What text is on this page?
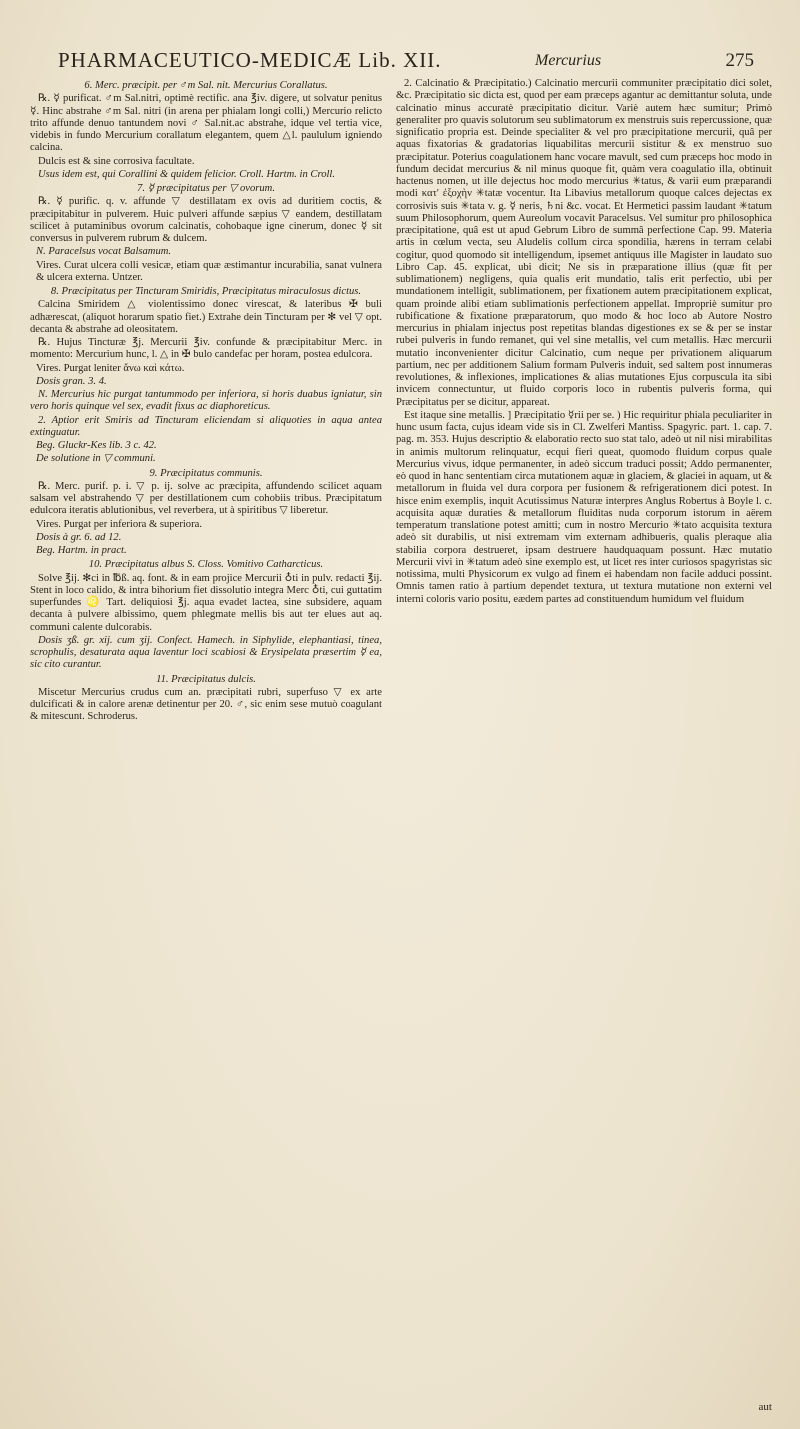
PHARMACEUTICO-MEDICÆ Lib. XII.	Mercurius	275

6. Merc. præcipit. per ♂m Sal. nit. Mercurius Corallatus.

℞. ☿ purificat. ♂m Sal.nitri, optimè rectific. ana ℥iv. digere, ut solvatur penitus ☿. Hinc abstrahe ♂m Sal. nitri (in arena per phialam longi colli,) Mercurio relicto trito affunde denuo tantundem novi ♂ Sal.nit.ac abstrahe, idque vel tertia vice, videbis in fundo Mercurium corallatum elegantem, quem △l. paululum igniendo calcina.

Dulcis est & sine corrosiva facultate.

Usus idem est, qui Corallini & quidem felicior. Croll. Hartm. in Croll.

7. ☿ præcipitatus per ▽ ovorum.

℞. ☿ purific. q. v. affunde ▽ destillatam ex ovis ad duritiem coctis, & præcipitabitur in pulverem. Huic pulveri affunde sæpius ▽ eandem, destillatam scilicet à putaminibus ovorum calcinatis, cohobaque igne cinerum, donec ☿ sit conversus in pulverem rubrum & dulcem.

N. Paracelsus vocat Balsamum.

Vires. Curat ulcera colli vesicæ, etiam quæ æstimantur incurabilia, sanat vulnera & ulcera externa. Untzer.

8. Præcipitatus per Tincturam Smiridis, Præcipitatus miraculosus dictus.

Calcina Smiridem △ violentissimo donec virescat, & lateribus ✠ buli adhærescat, (aliquot horarum spatio fiet.) Extrahe dein Tincturam per ✻ vel ▽ opt. decanta & abstrahe ad oleositatem.

℞. Hujus Tincturæ ℥j. Mercurii ℥iv. confunde & præcipitabitur Merc. in momento: Mercurium hunc, l. △ in ✠ bulo candefac per horam, postea edulcora.

Vires. Purgat leniter ἄνω καὶ κάτω.

Dosis gran. 3. 4.

N. Mercurius hic purgat tantummodo per inferiora, si horis duabus igniatur, sin vero horis quinque vel sex, evadit fixus ac diaphoreticus.

2. Aptior erit Smiris ad Tincturam eliciendam si aliquoties in aqua antea extinguatur.

Beg. Gluckr-Kes lib. 3 c. 42.

De solutione in ▽ communi.

9. Præcipitatus communis.

℞. Merc. purif. p. i. ▽ p. ij. solve ac præcipita, affundendo scilicet aquam salsam vel abstrahendo ▽ per destillationem cum cohobiis tribus. Præcipitatum edulcora iteratis ablutionibus, vel reverbera, ut à spiritibus ▽ liberetur.

Vires. Purgat per inferiora & superiora.

Dosis à gr. 6. ad 12.

Beg. Hartm. in pract.

10. Præcipitatus albus S. Closs. Vomitivo Catharcticus.

Solve ℥ij. ✻ci in ℔ß. aq. font. & in eam projice Mercurii ♁ti in pulv. redacti ℥ij. Stent in loco calido, & intra bihorium fiet dissolutio integra Merc ♁ti, cui guttatim superfundes ♌ Tart. deliquiosi ℥j. aqua evadet lactea, sine subsidere, aquam decanta à pulvere albissimo, quem phlegmate mellis bis aut ter elues aut aq. communi calente dulcorabis.

Dosis ʒß. gr. xij. cum ʒij. Confect. Hamech. in Siphylide, elephantiasi, tinea, scrophulis, desaturata aqua laventur loci scabiosi & Erysipelata præsertim ☿ ea, sic cito curantur.

11. Præcipitatus dulcis.

Miscetur Mercurius crudus cum an. præcipitati rubri, superfuso ▽ ex arte dulcificati & in calore arenæ detinentur per 20. ♂, sic enim sese mutuò coagulant & mitescunt. Schroderus.

2. Calcinatio & Præcipitatio.) Calcinatio mercurii communiter præcipitatio dici solet, &c. Præcipitatio sic dicta est, quod per eam præceps agantur ac demittantur soluta, unde calcinatio minus accuratè præcipitatio dicitur. Variè autem hæc sumitur; Primò generaliter pro quavis solutorum seu sublimatorum ex menstruis suis repercussione, quæ significatio propria est. Deinde specialiter & vel pro præcipitatione mercurii, quâ per aquas fixatorias & gradatorias liquabilitas mercurii sistitur & ex menstruo suo præcipitatur. Poterius coagulationem hanc vocare mavult, sed cum præceps hoc modo in fundum decidat mercurius & nil minus quoque fit, quàm vera coagulatio illa, obtinuit hactenus nomen, ut ille dejectus hoc modo mercurius ✳tatus, & varii eum præparandi modi κατ' ἐξοχὴν ✳tatæ vocentur. Ita Libavius metallorum quoque calces dejectas ex corrosivis suis ✳tata v. g. ☿ neris, ♄ni &c. vocat. Et Hermetici passim laudant ✳tatum suum Philosophorum, quem Aureolum vocavit Paracelsus. Vel sumitur pro philosophica præcipitatione, quâ est ut apud Gebrum Libro de summâ perfectione Cap. 99. Materia artis in cœlum vecta, seu Aludelis collum circa spondilia, hærens in terram celabi cogitur, quod quomodo sit intelligendum, ipsemet antiquus ille Magister in laudato suo Libro Cap. 45. explicat, ubi dicit; Ne sis in præparatione illius (quæ fit per sublimationem) negligens, quia qualis erit mundatio, talis erit perfectio, ubi per mundationem intelligit, sublimationem, per fixationem autem præcipitationem explicat, quam proinde alibi etiam sublimationis perfectionem appellat. Impropriè sumitur pro rubificatione & fixatione præparatorum, quo modo & hoc loco ab Autore Nostro mercurius in phialam injectus post repetitas blandas digestiones ex se & per se instar rubei pulveris in fundo remanet, qui vel sine metallis, vel cum metallis. Hæc mercurii mutatio inconvenienter dicitur Calcinatio, cum neque per privationem aliquarum partium, nec per additionem Salium formam Pulveris induit, sed saltem post innumeras revolutiones, & inflexiones, implicationes & alias mutationes Ejus corpuscula ita sibi invicem connectuntur, ut fluido corporis loco in rubentis pulveris forma, qui Præcipitatus per se dicitur, appareat.

Est itaque sine metallis. ] Præcipitatio ☿rii per se. ) Hic requiritur phiala peculiariter in hunc usum facta, cujus ideam vide sis in Cl. Zwelferi Mantiss. Spagyric. part. 1. cap. 7. pag. m. 353. Hujus descriptio & elaboratio recto suo stat talo, adeò ut nil nisi mirabilitas in animis multorum relinquatur, ecqui fieri queat, quomodo fluidum corpus quale Mercurius vivus, idque permanenter, in adeò siccum traduci possit; Addo permanenter, eò quod in hanc sententiam circa mutationem aquæ in glaciem, & glaciei in aquam, ut & metallorum in fluida vel dura corpora per fusionem & refrigerationem dici potest. In hisce enim exemplis, inquit Acutissimus Naturæ interpres Anglus Robertus à Boyle l. c. acquisita aquæ duraties & metallorum fluiditas nuda corporum istorum in aërem temperatum translatione potest amitti; cum in nostro Mercurio ✳tato acquisita textura adeò sit durabilis, ut nisi extremam vim externam adhibueris, qualis pleraque alia stabilia corpora destrueret, ipsam destruere haudquaquam possunt. Hæc mutatio Mercurii vivi in ✳tatum adeò sine exemplo est, ut licet res inter curiosos spagyristas sic notissima, multi Physicorum ex vulgo ad finem ei habendam non facile adduci possint. Omnis tamen ratio à partium dependet textura, ut textura mutatione non externi vel interni coloris vario positu, eædem partes ad constituendum humidum vel fluidum

aut
